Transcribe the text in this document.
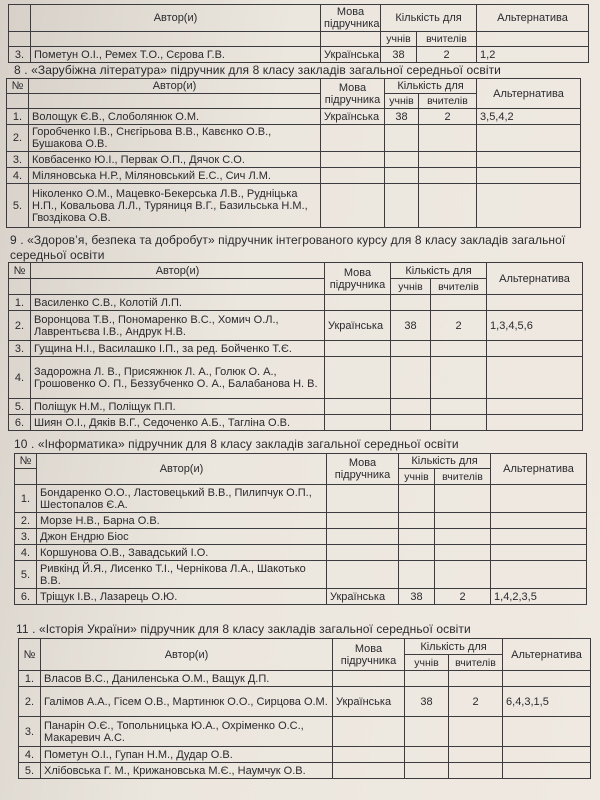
	Автор(и)	Мова підручника	Кількість для		Альтернатива
			учнів	вчителів	
3.	Пометун О.І., Ремех Т.О., Сєрова Г.В.	Українська	38	2	1,2
8 . «Зарубіжна література» підручник для 8 класу закладів загальної середньої освіти
№	Автор(и)	Мова підручника	Кількість для		Альтернатива
			учнів	вчителів	
1.	Волощук Є.В., Слоболянюк О.М.	Українська	38	2	3,5,4,2
2.	Горобченко І.В., Снєгірьова В.В., Кавєнко О.В., Бушакова О.В.				
3.	Ковбасенко Ю.І., Первак О.П., Дячок С.О.				
4.	Міляновська Н.Р., Міляновський Е.С., Сич Л.М.				
5.	Ніколенко О.М., Мацевко-Бекерська Л.В., Рудніцька Н.П., Ковальова Л.Л., Туряниця В.Г., Базильська Н.М., Гвоздікова О.В.				
9 . «Здоров’я, безпека та добробут» підручник інтегрованого курсу для 8 класу закладів загальної
середньої освіти
№	Автор(и)	Мова підручника	Кількість для		Альтернатива
			учнів	вчителів	
1.	Василенко С.В., Колотій Л.П.				
2.	Воронцова Т.В., Пономаренко В.С., Хомич О.Л., Лаврентьєва І.В., Андрук Н.В.	Українська	38	2	1,3,4,5,6
3.	Гущина Н.І., Василашко І.П., за ред. Бойченко Т.Є.				
4.	Задорожна Л. В., Присяжнюк Л. А., Голюк О. А., Грошовенко О. П., Беззубченко О. А., Балабанова Н. В.				
5.	Поліщук Н.М., Поліщук П.П.				
6.	Шиян О.І., Дяків В.Г., Седоченко А.Б., Тагліна О.В.				
10 . «Інформатика» підручник для 8 класу закладів загальної середньої освіти
№	Автор(и)	Мова підручника	Кількість для		Альтернатива
			учнів	вчителів	
1.	Бондаренко О.О., Ластовецький В.В., Пилипчук О.П., Шестопалов Є.А.				
2.	Морзе Н.В., Барна О.В.				
3.	Джон Ендрю Біос				
4.	Коршунова О.В., Завадський І.О.				
5.	Ривкінд Й.Я., Лисенко Т.І., Чернікова Л.А., Шакотько В.В.				
6.	Тріщук І.В., Лазарець О.Ю.	Українська	38	2	1,4,2,3,5
11 . «Історія України» підручник для 8 класу закладів загальної середньої освіти
№	Автор(и)	Мова підручника	Кількість для		Альтернатива
			учнів	вчителів	
1.	Власов В.С., Даниленська О.М., Ващук Д.П.				
2.	Галімов А.А., Гісем О.В., Мартинюк О.О., Сирцова О.М.	Українська	38	2	6,4,3,1,5
3.	Панарін О.Є., Топольницька Ю.А., Охріменко О.С., Макаревич А.С.				
4.	Пометун О.І., Гупан Н.М., Дудар О.В.				
5.	Хлібовська Г. М., Крижановська М.Є., Наумчук О.В.				
